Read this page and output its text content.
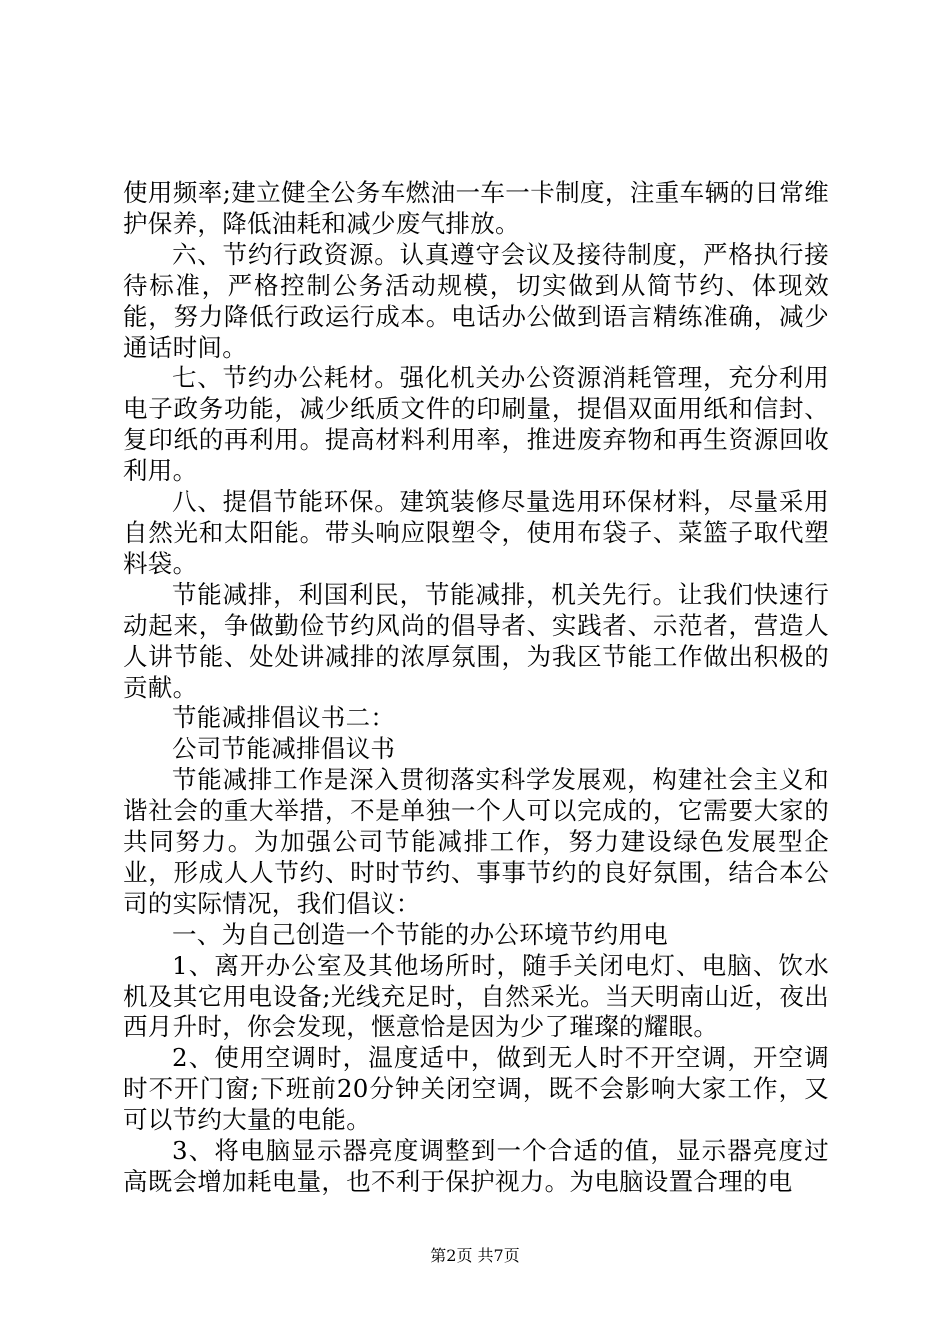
使用频率;建立健全公务车燃油一车一卡制度，注重车辆的日常维护保养，降低油耗和减少废气排放。

六、节约行政资源。认真遵守会议及接待制度，严格执行接待标准，严格控制公务活动规模，切实做到从简节约、体现效能，努力降低行政运行成本。电话办公做到语言精练准确，减少通话时间。

七、节约办公耗材。强化机关办公资源消耗管理，充分利用电子政务功能，减少纸质文件的印刷量，提倡双面用纸和信封、复印纸的再利用。提高材料利用率，推进废弃物和再生资源回收利用。

八、提倡节能环保。建筑装修尽量选用环保材料，尽量采用自然光和太阳能。带头响应限塑令，使用布袋子、菜篮子取代塑料袋。

节能减排，利国利民，节能减排，机关先行。让我们快速行动起来，争做勤俭节约风尚的倡导者、实践者、示范者，营造人人讲节能、处处讲减排的浓厚氛围，为我区节能工作做出积极的贡献。

节能减排倡议书二：

公司节能减排倡议书

节能减排工作是深入贯彻落实科学发展观，构建社会主义和谐社会的重大举措，不是单独一个人可以完成的，它需要大家的共同努力。为加强公司节能减排工作，努力建设绿色发展型企业，形成人人节约、时时节约、事事节约的良好氛围，结合本公司的实际情况，我们倡议：

一、为自己创造一个节能的办公环境节约用电

1、离开办公室及其他场所时，随手关闭电灯、电脑、饮水机及其它用电设备;光线充足时，自然采光。当天明南山近，夜出西月升时，你会发现，惬意恰是因为少了璀璨的耀眼。

2、使用空调时，温度适中，做到无人时不开空调，开空调时不开门窗;下班前20分钟关闭空调，既不会影响大家工作，又可以节约大量的电能。

3、将电脑显示器亮度调整到一个合适的值，显示器亮度过高既会增加耗电量，也不利于保护视力。为电脑设置合理的电

第2页 共7页
